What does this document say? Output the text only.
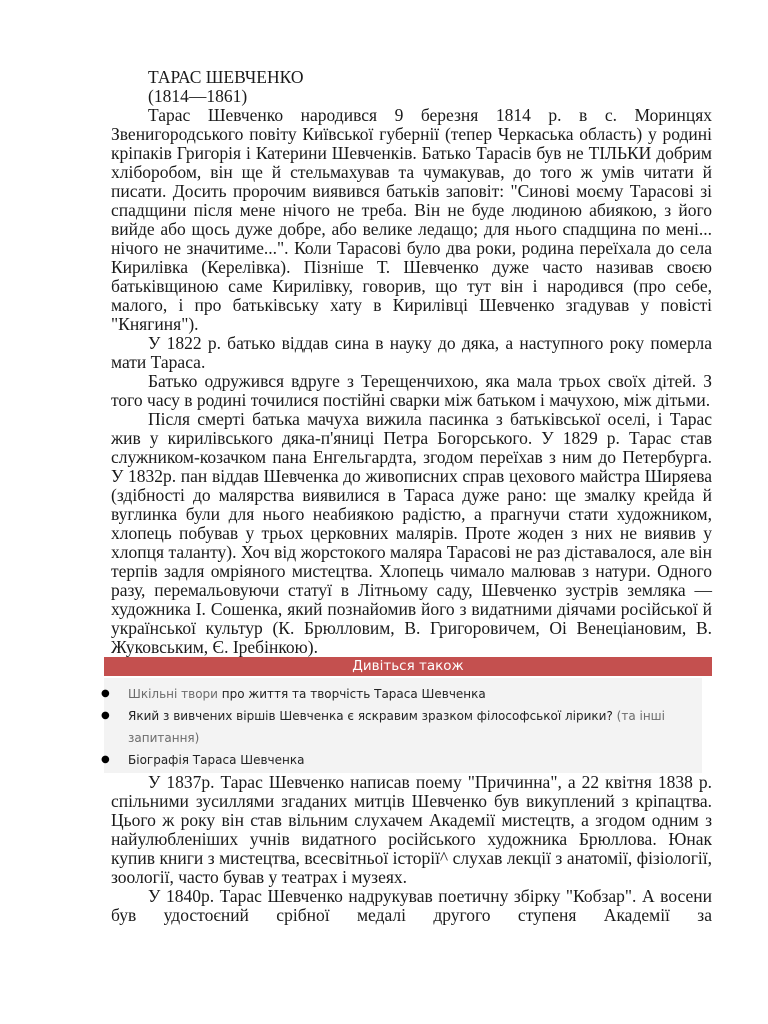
ТАРАС ШЕВЧЕНКО

(1814—1861)

Тарас Шевченко народився 9 березня 1814 р. в с. Моринцях Звенигородського повіту Київської губернії (тепер Черкаська область) у родині кріпаків Григорія і Катерини Шевченків. Батько Тарасів був не ТІЛЬКИ добрим хліборобом, він ще й стельмахував та чумакував, до того ж умів читати й писати. Досить пророчим виявився батьків заповіт: "Синові моєму Тарасові зі спадщини після мене нічого не треба. Він не буде людиною абиякою, з його вийде або щось дуже добре, або велике ледащо; для нього спадщина по мені... нічого не значитиме...". Коли Тарасові було два роки, родина переїхала до села Кирилівка (Керелівка). Пізніше Т. Шевченко дуже часто називав своєю батьківщиною саме Кирилівку, говорив, що тут він і народився (про себе, малого, і про батьківську хату в Кирилівці Шевченко згадував у повісті "Княгиня").

У 1822 р. батько віддав сина в науку до дяка, а наступного року померла мати Тараса.

Батько одружився вдруге з Терещенчихою, яка мала трьох своїх дітей. З того часу в родині точилися постійні сварки між батьком і мачухою, між дітьми.

Після смерті батька мачуха вижила пасинка з батьківської оселі, і Тарас жив у кирилівського дяка-п'яниці Петра Богорського. У 1829 р. Тарас став служником-козачком пана Енгельгардта, згодом переїхав з ним до Петербурга. У 1832р. пан віддав Шевченка до живописних справ цехового майстра Ширяева (здібності до малярства виявилися в Тараса дуже рано: ще змалку крейда й вуглинка були для нього неабиякою радістю, а прагнучи стати художником, хлопець побував у трьох церковних малярів. Проте жоден з них не виявив у хлопця таланту). Хоч від жорстокого маляра Тарасові не раз діставалося, але він терпів задля омріяного мистецтва. Хлопець чимало малював з натури. Одного разу, перемальовуючи статуї в Літньому саду, Шевченко зустрів земляка — художника І. Сошенка, який познайомив його з видатними діячами російської й української культур (К. Брюлловим, В. Григоровичем, Оі Венеціановим, В. Жуковським, Є. Іребінкою).

Дивіться також
● Шкільні твори про життя та творчість Тараса Шевченка
● Який з вивчених віршів Шевченка є яскравим зразком філософської лірики? (та інші запитання)
● Біографія Тараса Шевченка

У 1837р. Тарас Шевченко написав поему "Причинна", а 22 квітня 1838 р. спільними зусиллями згаданих митців Шевченко був викуплений з кріпацтва. Цього ж року він став вільним слухачем Академії мистецтв, а згодом одним з найулюбленіших учнів видатного російського художника Брюллова. Юнак купив книги з мистецтва, всесвітньої історії^ слухав лекції з анатомії, фізіології, зоології, часто бував у театрах і музеях.

У 1840р. Тарас Шевченко надрукував поетичну збірку "Кобзар". А восени був удостоєний срібної медалі другого ступеня Академії за
